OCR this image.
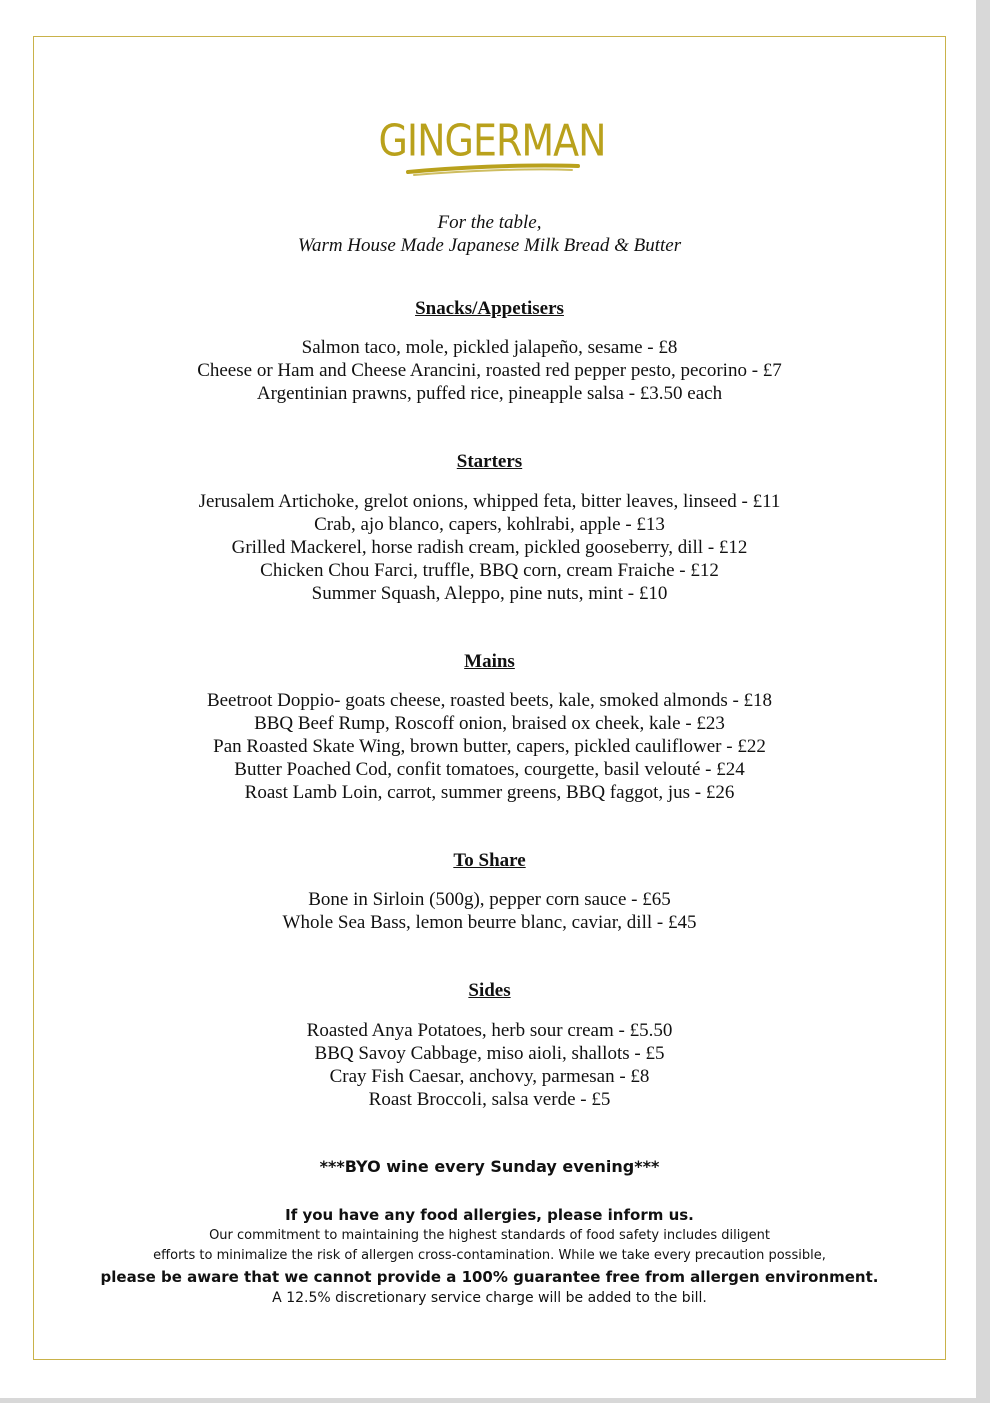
GINGERMAN
For the table,
Warm House Made Japanese Milk Bread & Butter
Snacks/Appetisers
Salmon taco, mole, pickled jalapeño, sesame - £8
Cheese or Ham and Cheese Arancini, roasted red pepper pesto, pecorino - £7
Argentinian prawns, puffed rice, pineapple salsa - £3.50 each
Starters
Jerusalem Artichoke, grelot onions, whipped feta, bitter leaves, linseed - £11
Crab, ajo blanco, capers, kohlrabi, apple - £13
Grilled Mackerel, horse radish cream, pickled gooseberry, dill - £12
Chicken Chou Farci, truffle, BBQ corn, cream Fraiche - £12
Summer Squash, Aleppo, pine nuts, mint - £10
Mains
Beetroot Doppio- goats cheese, roasted beets, kale, smoked almonds - £18
BBQ Beef Rump, Roscoff onion, braised ox cheek, kale - £23
Pan Roasted Skate Wing, brown butter, capers, pickled cauliflower - £22
Butter Poached Cod, confit tomatoes, courgette, basil velouté - £24
Roast Lamb Loin, carrot, summer greens, BBQ faggot, jus - £26
To Share
Bone in Sirloin (500g), pepper corn sauce - £65
Whole Sea Bass, lemon beurre blanc, caviar, dill - £45
Sides
Roasted Anya Potatoes, herb sour cream - £5.50
BBQ Savoy Cabbage, miso aioli, shallots - £5
Cray Fish Caesar, anchovy, parmesan - £8
Roast Broccoli, salsa verde - £5
***BYO wine every Sunday evening***
If you have any food allergies, please inform us.
Our commitment to maintaining the highest standards of food safety includes diligent
efforts to minimalize the risk of allergen cross-contamination. While we take every precaution possible,
please be aware that we cannot provide a 100% guarantee free from allergen environment.
A 12.5% discretionary service charge will be added to the bill.
